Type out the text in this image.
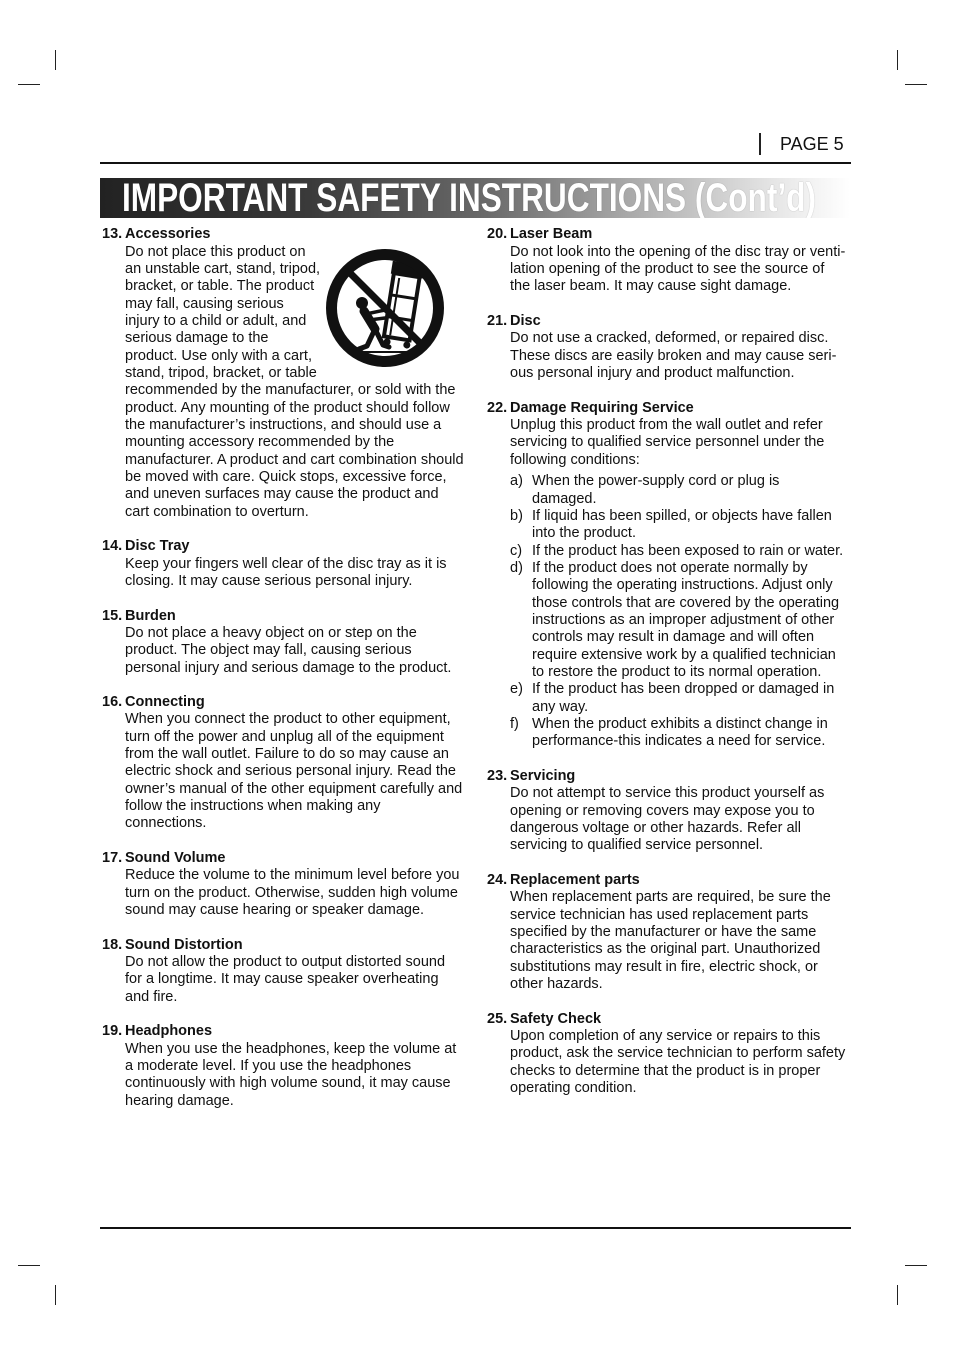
PAGE 5
IMPORTANT SAFETY INSTRUCTIONS (Cont’d)
13. Accessories
Do not place this product on
an unstable cart, stand, tripod,
bracket, or table. The product
may fall, causing serious
injury to a child or adult, and
serious damage to the
product. Use only with a cart,
stand, tripod, bracket, or table
recommended by the manufacturer, or sold with the
product. Any mounting of the product should follow
the manufacturer’s instructions, and should use a
mounting accessory recommended by the
manufacturer. A product and cart combination should
be moved with care. Quick stops, excessive force,
and uneven surfaces may cause the product and
cart combination to overturn.
14. Disc Tray
Keep your fingers well clear of the disc tray as it is
closing. It may cause serious personal injury.
15. Burden
Do not place a heavy object on or step on the
product. The object may fall, causing serious
personal injury and serious damage to the product.
16. Connecting
When you connect the product to other equipment,
turn off the power and unplug all of the equipment
from the wall outlet. Failure to do so may cause an
electric shock and serious personal injury. Read the
owner’s manual of the other equipment carefully and
follow the instructions when making any
connections.
17. Sound Volume
Reduce the volume to the minimum level before you
turn on the product. Otherwise, sudden high volume
sound may cause hearing or speaker damage.
18. Sound Distortion
Do not allow the product to output distorted sound
for a longtime. It may cause speaker overheating
and fire.
19. Headphones
When you use the headphones, keep the volume at
a moderate level. If you use the headphones
continuously with high volume sound, it may cause
hearing damage.
20. Laser Beam
Do not look into the opening of the disc tray or venti-
lation opening of the product to see the source of
the laser beam. It may cause sight damage.
21. Disc
Do not use a cracked, deformed, or repaired disc.
These discs are easily broken and may cause seri-
ous personal injury and product malfunction.
22. Damage Requiring Service
Unplug this product from the wall outlet and refer
servicing to qualified service personnel under the
following conditions:
a) When the power-supply cord or plug is
damaged.
b) If liquid has been spilled, or objects have fallen
into the product.
c) If the product has been exposed to rain or water.
d) If the product does not operate normally by
following the operating instructions. Adjust only
those controls that are covered by the operating
instructions as an improper adjustment of other
controls may result in damage and will often
require extensive work by a qualified technician
to restore the product to its normal operation.
e) If the product has been dropped or damaged in
any way.
f) When the product exhibits a distinct change in
performance-this indicates a need for service.
23. Servicing
Do not attempt to service this product yourself as
opening or removing covers may expose you to
dangerous voltage or other hazards. Refer all
servicing to qualified service personnel.
24. Replacement parts
When replacement parts are required, be sure the
service technician has used replacement parts
specified by the manufacturer or have the same
characteristics as the original part. Unauthorized
substitutions may result in fire, electric shock, or
other hazards.
25. Safety Check
Upon completion of any service or repairs to this
product, ask the service technician to perform safety
checks to determine that the product is in proper
operating condition.
